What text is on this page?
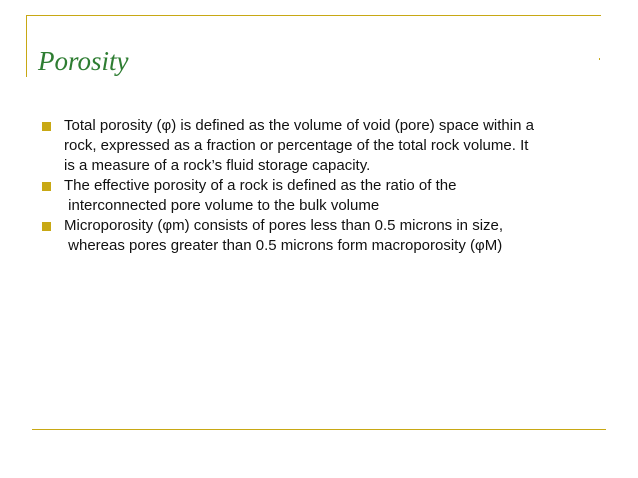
Porosity
Total porosity (φ) is defined as the volume of void (pore) space within a
rock, expressed as a fraction or percentage of the total rock volume. It
is a measure of a rock’s fluid storage capacity.
The effective porosity of a rock is defined as the ratio of the
interconnected pore volume to the bulk volume
Microporosity (φm) consists of pores less than 0.5 microns in size,
whereas pores greater than 0.5 microns form macroporosity (φM)
